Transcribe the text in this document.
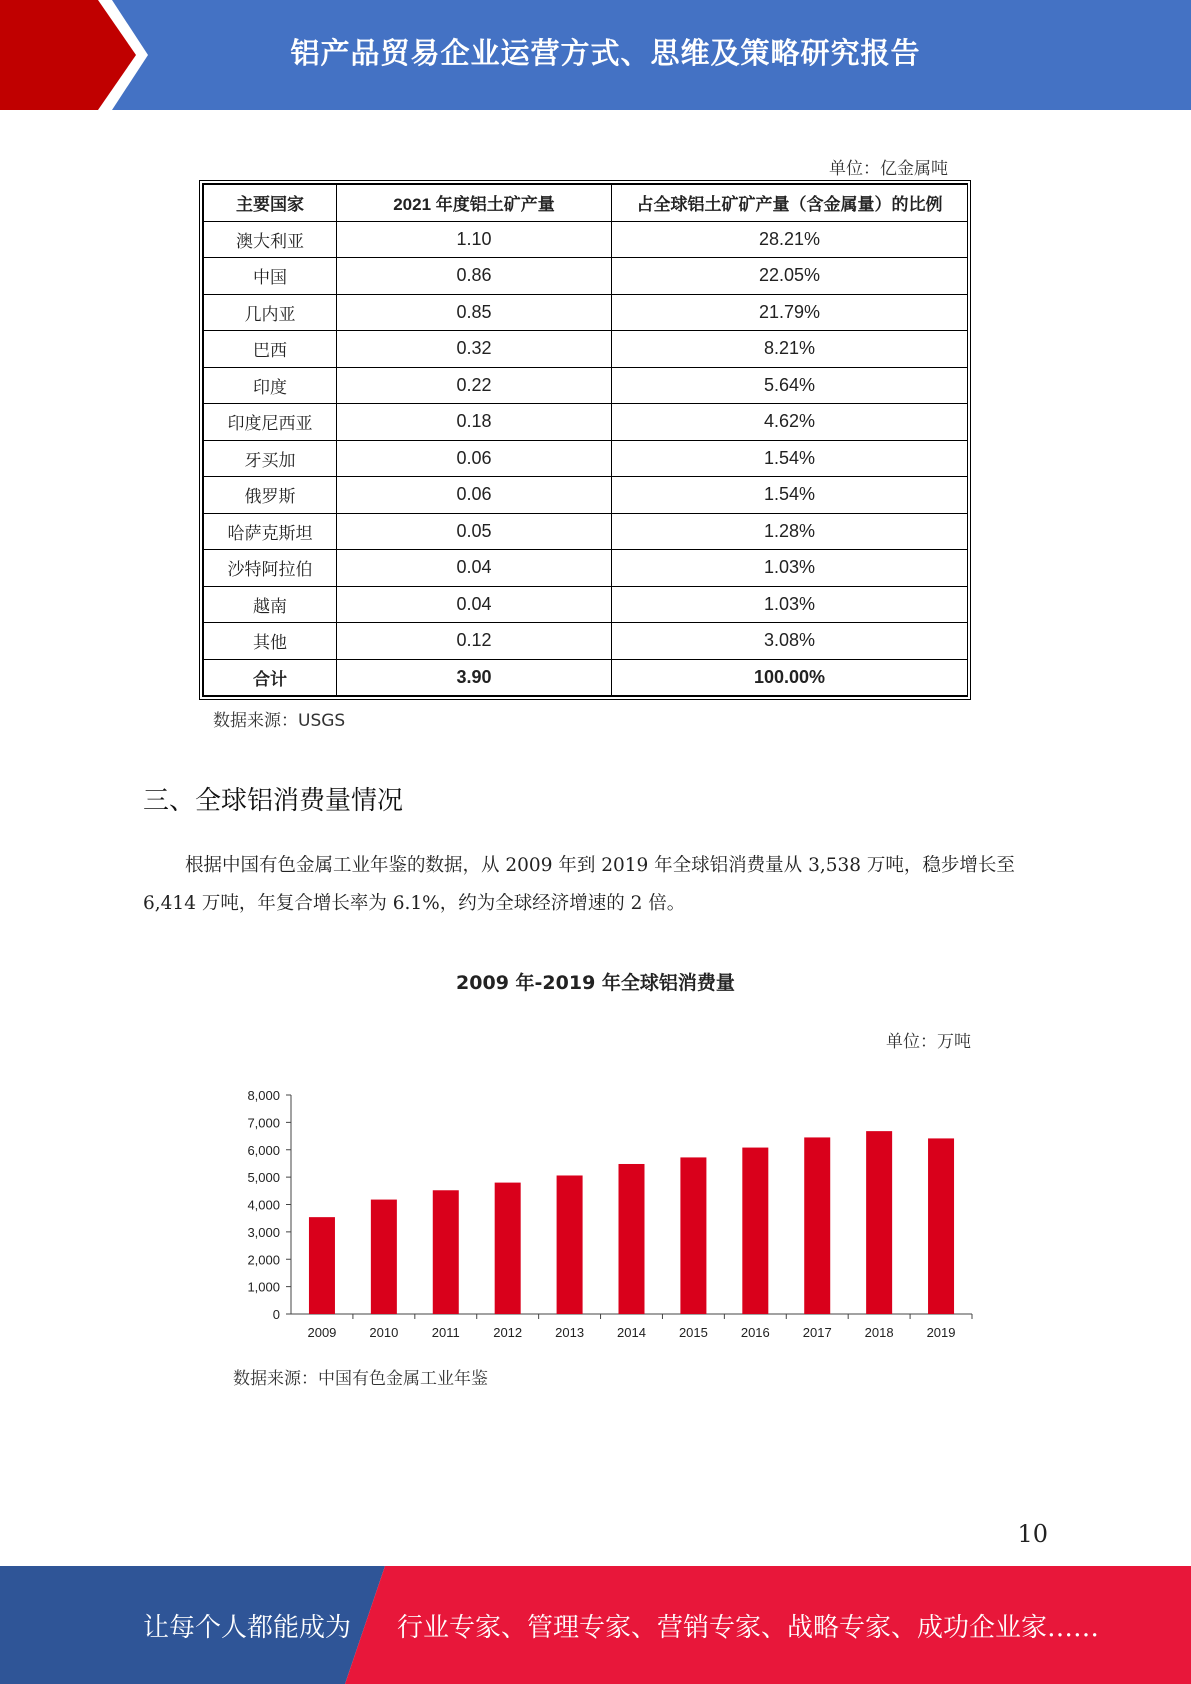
铝产品贸易企业运营方式、思维及策略研究报告
单位：亿金属吨
主要国家	2021 年度铝土矿产量	占全球铝土矿矿产量（含金属量）的比例
澳大利亚	1.10	28.21%
中国	0.86	22.05%
几内亚	0.85	21.79%
巴西	0.32	8.21%
印度	0.22	5.64%
印度尼西亚	0.18	4.62%
牙买加	0.06	1.54%
俄罗斯	0.06	1.54%
哈萨克斯坦	0.05	1.28%
沙特阿拉伯	0.04	1.03%
越南	0.04	1.03%
其他	0.12	3.08%
合计	3.90	100.00%
数据来源：USGS
三、全球铝消费量情况
根据中国有色金属工业年鉴的数据，从 2009 年到 2019 年全球铝消费量从 3,538 万吨，稳步增长至 6,414 万吨，年复合增长率为 6.1%，约为全球经济增速的 2 倍。
2009 年-2019 年全球铝消费量
单位：万吨
0
1,000
2,000
3,000
4,000
5,000
6,000
7,000
8,000
2009	2010	2011	2012	2013	2014	2015	2016	2017	2018	2019
数据来源：中国有色金属工业年鉴
10
让每个人都能成为 行业专家、管理专家、营销专家、战略专家、成功企业家……
